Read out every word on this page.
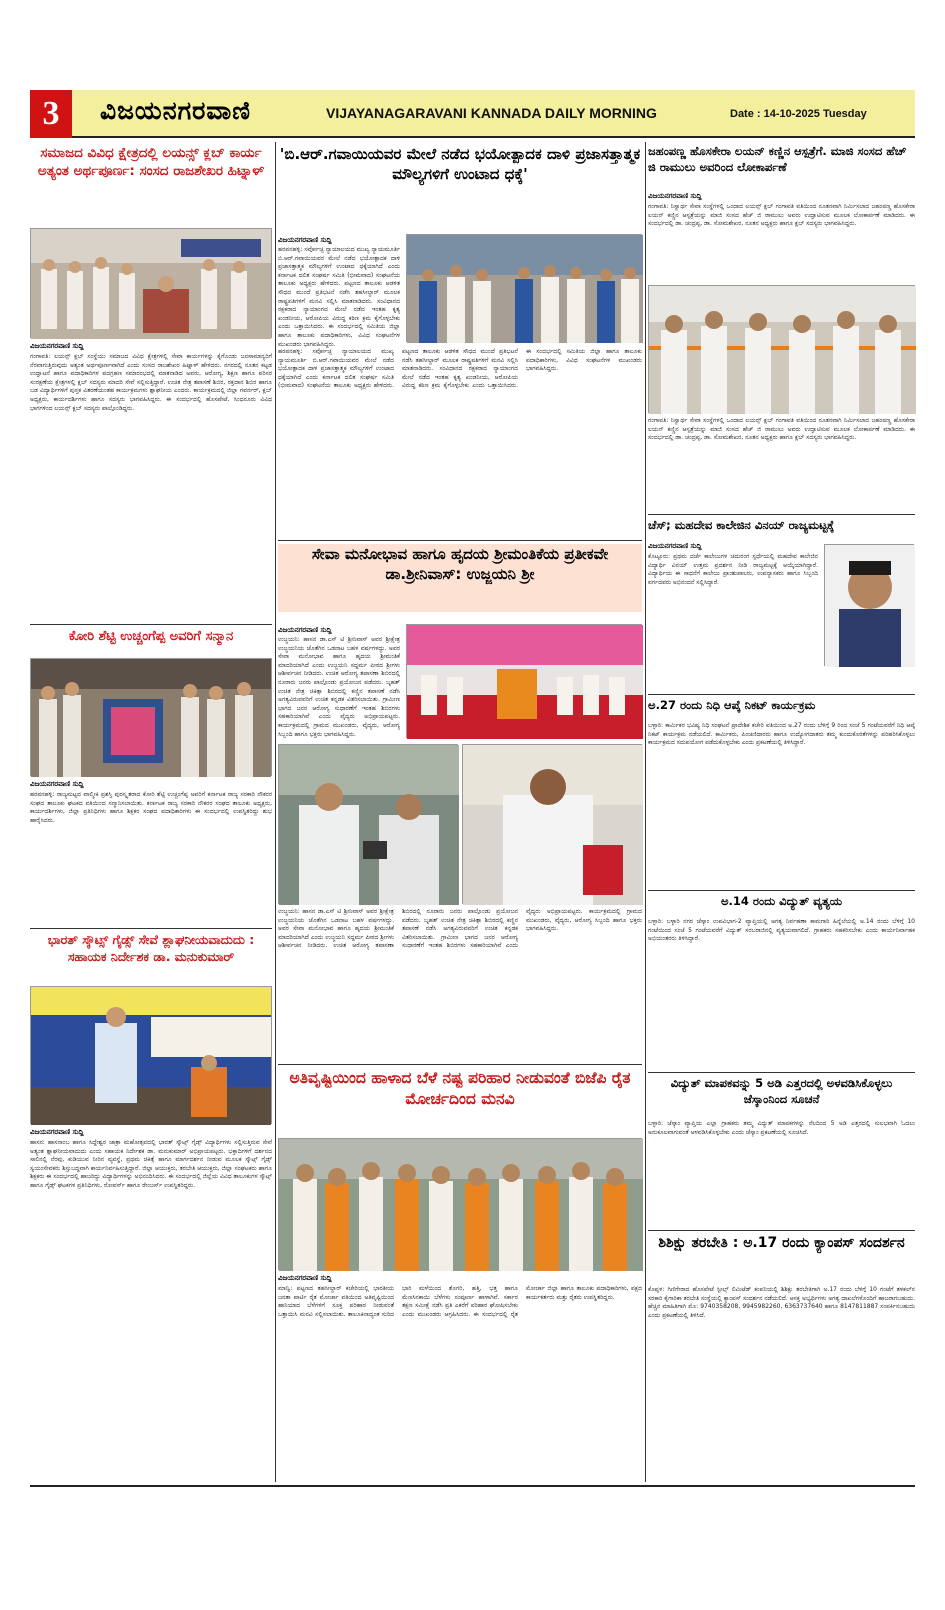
3	ವಿಜಯನಗರವಾಣಿ	VIJAYANAGARAVANI KANNADA DAILY MORNING	Date : 14-10-2025 Tuesday
ಸಮಾಜದ ವಿವಿಧ ಕ್ಷೇತ್ರದಲ್ಲಿ ಲಯನ್ಸ್ ಕ್ಲಬ್ ಕಾರ್ಯ ಅತ್ಯಂತ ಅರ್ಥಪೂರ್ಣ: ಸಂಸದ ರಾಜಶೇಖರ ಹಿಟ್ನಾಳ್
ವಿಜಯನಗರವಾಣಿ ಸುದ್ದಿ
ಗಂಗಾವತಿ: ಲಯನ್ಸ್ ಕ್ಲಬ್ ಸಂಸ್ಥೆಯು ಸಮಾಜದ ವಿವಿಧ ಕ್ಷೇತ್ರಗಳಲ್ಲಿ ಸೇವಾ ಕಾರ್ಯಗಳನ್ನು ಕೈಗೊಂಡು ಜನಸಾಮಾನ್ಯರಿಗೆ ನೆರವಾಗುತ್ತಿರುವುದು ಅತ್ಯಂತ ಅರ್ಥಪೂರ್ಣವಾಗಿದೆ ಎಂದು ಸಂಸದ ರಾಜಶೇಖರ ಹಿಟ್ನಾಳ್ ಹೇಳಿದರು. ನಗರದಲ್ಲಿ ನೂತನ ಕಟ್ಟಡ ಉದ್ಘಾಟನೆ ಹಾಗೂ ಪದಾಧಿಕಾರಿಗಳ ಪದಗ್ರಹಣ ಸಮಾರಂಭದಲ್ಲಿ ಮಾತನಾಡಿದ ಅವರು, ಆರೋಗ್ಯ, ಶಿಕ್ಷಣ ಹಾಗೂ ಪರಿಸರ ಸಂರಕ್ಷಣೆಯ ಕ್ಷೇತ್ರಗಳಲ್ಲಿ ಕ್ಲಬ್ ಸದಸ್ಯರು ಮಾದರಿ ಸೇವೆ ಸಲ್ಲಿಸುತ್ತಿದ್ದಾರೆ. ಉಚಿತ ನೇತ್ರ ತಪಾಸಣೆ ಶಿಬಿರ, ರಕ್ತದಾನ ಶಿಬಿರ ಹಾಗೂ ಬಡ ವಿದ್ಯಾರ್ಥಿಗಳಿಗೆ ಪುಸ್ತಕ ವಿತರಣೆಯಂತಹ ಕಾರ್ಯಕ್ರಮಗಳು ಶ್ಲಾಘನೀಯ ಎಂದರು. ಕಾರ್ಯಕ್ರಮದಲ್ಲಿ ಜಿಲ್ಲಾ ಗವರ್ನರ್, ಕ್ಲಬ್ ಅಧ್ಯಕ್ಷರು, ಕಾರ್ಯದರ್ಶಿಗಳು ಹಾಗೂ ಸದಸ್ಯರು ಭಾಗವಹಿಸಿದ್ದರು. ಈ ಸಂದರ್ಭದಲ್ಲಿ ಹೊಸಪೇಟೆ, ಸಿಂಧನೂರು ವಿವಿಧ ಭಾಗಗಳಿಂದ ಲಯನ್ಸ್ ಕ್ಲಬ್ ಸದಸ್ಯರು ಪಾಲ್ಗೊಂಡಿದ್ದರು.
ಕೋರಿ ಶೆಟ್ಟಿ ಉಚ್ಚಂಗೆಪ್ಪ ಅವರಿಗೆ ಸನ್ಮಾನ
ವಿಜಯನಗರವಾಣಿ ಸುದ್ದಿ
ಹರಪನಹಳ್ಳಿ: ರಾಜ್ಯಮಟ್ಟದ ವಾಲ್ಮೀಕಿ ಪ್ರಶಸ್ತಿ ಪುರಸ್ಕೃತರಾದ ಕೋರಿ ಶೆಟ್ಟಿ ಉಚ್ಚಂಗೆಪ್ಪ ಅವರಿಗೆ ಕರ್ನಾಟಕ ರಾಜ್ಯ ಸರಕಾರಿ ನೌಕರರ ಸಂಘದ ತಾಲೂಕು ಘಟಕದ ವತಿಯಿಂದ ಸನ್ಮಾನಿಸಲಾಯಿತು. ಕರ್ನಾಟಕ ರಾಜ್ಯ ಸರಕಾರಿ ನೌಕರರ ಸಂಘದ ತಾಲೂಕು ಅಧ್ಯಕ್ಷರು, ಕಾರ್ಯದರ್ಶಿಗಳು, ಜಿಲ್ಲಾ ಪ್ರತಿನಿಧಿಗಳು ಹಾಗೂ ಶಿಕ್ಷಕರ ಸಂಘದ ಪದಾಧಿಕಾರಿಗಳು ಈ ಸಂದರ್ಭದಲ್ಲಿ ಉಪಸ್ಥಿತರಿದ್ದು ಶುಭ ಹಾರೈಸಿದರು.
ಭಾರತ್ ಸ್ಕೌಟ್ಸ್ ಗೈಡ್ಸ್ ಸೇವೆ ಶ್ಲಾಘನೀಯವಾದುದು : ಸಹಾಯಕ ನಿರ್ದೇಶಕ ಡಾ. ಮನುಕುಮಾರ್
ವಿಜಯನಗರವಾಣಿ ಸುದ್ದಿ
ಹಾಸನ: ಹಾಸನಾಂಬ ಹಾಗೂ ಸಿದ್ದೇಶ್ವರ ಜಾತ್ರಾ ಮಹೋತ್ಸವದಲ್ಲಿ ಭಾರತ್ ಸ್ಕೌಟ್ಸ್ ಗೈಡ್ಸ್ ವಿದ್ಯಾರ್ಥಿಗಳು ಸಲ್ಲಿಸುತ್ತಿರುವ ಸೇವೆ ಅತ್ಯಂತ ಶ್ಲಾಘನೀಯವಾದುದು ಎಂದು ಸಹಾಯಕ ನಿರ್ದೇಶಕ ಡಾ. ಮನುಕುಮಾರ್ ಅಭಿಪ್ರಾಯಪಟ್ಟರು. ಭಕ್ತಾದಿಗಳಿಗೆ ದರ್ಶನದ ಸಾಲಿನಲ್ಲಿ ನೆರವು, ಕುಡಿಯುವ ನೀರಿನ ವ್ಯವಸ್ಥೆ, ಪ್ರಥಮ ಚಿಕಿತ್ಸೆ ಹಾಗೂ ಮಾರ್ಗದರ್ಶನ ನೀಡುವ ಮೂಲಕ ಸ್ಕೌಟ್ಸ್ ಗೈಡ್ಸ್ ಸ್ವಯಂಸೇವಕರು ಶಿಸ್ತುಬದ್ಧವಾಗಿ ಕಾರ್ಯನಿರ್ವಹಿಸುತ್ತಿದ್ದಾರೆ. ಜಿಲ್ಲಾ ಆಯುಕ್ತರು, ತರಬೇತಿ ಆಯುಕ್ತರು, ಜಿಲ್ಲಾ ಸಂಘಟಕರು ಹಾಗೂ ಶಿಕ್ಷಕರು ಈ ಸಂದರ್ಭದಲ್ಲಿ ಹಾಜರಿದ್ದು ವಿದ್ಯಾರ್ಥಿಗಳನ್ನು ಅಭಿನಂದಿಸಿದರು. ಈ ಸಂದರ್ಭದಲ್ಲಿ ಜಿಲ್ಲೆಯ ವಿವಿಧ ತಾಲೂಕುಗಳ ಸ್ಕೌಟ್ಸ್ ಹಾಗೂ ಗೈಡ್ಸ್ ಘಟಕಗಳ ಪ್ರತಿನಿಧಿಗಳು, ರೋವರ್ಸ್ ಹಾಗೂ ರೇಂಜರ್ಸ್ ಉಪಸ್ಥಿತರಿದ್ದರು.
'ಬಿ.ಆರ್.ಗವಾಯಿಯವರ ಮೇಲೆ ನಡೆದ ಭಯೋತ್ಪಾದಕ ದಾಳಿ ಪ್ರಜಾಸತ್ತಾತ್ಮಕ ಮೌಲ್ಯಗಳಿಗೆ ಉಂಟಾದ ಧಕ್ಕೆ'
ವಿಜಯನಗರವಾಣಿ ಸುದ್ದಿ
ಹರಪನಹಳ್ಳಿ: ಸರ್ವೋಚ್ಛ ನ್ಯಾಯಾಲಯದ ಮುಖ್ಯ ನ್ಯಾಯಮೂರ್ತಿ ಬಿ.ಆರ್.ಗವಾಯಿಯವರ ಮೇಲೆ ನಡೆದ ಭಯೋತ್ಪಾದಕ ದಾಳಿ ಪ್ರಜಾಸತ್ತಾತ್ಮಕ ಮೌಲ್ಯಗಳಿಗೆ ಉಂಟಾದ ಧಕ್ಕೆಯಾಗಿದೆ ಎಂದು ಕರ್ನಾಟಕ ದಲಿತ ಸಂಘರ್ಷ ಸಮಿತಿ (ಭೀಮವಾದ) ಸಂಘಟನೆಯ ತಾಲೂಕು ಅಧ್ಯಕ್ಷರು ಹೇಳಿದರು. ಪಟ್ಟಣದ ತಾಲೂಕು ಆಡಳಿತ ಸೌಧದ ಮುಂದೆ ಪ್ರತಿಭಟನೆ ನಡೆಸಿ ತಹಸೀಲ್ದಾರ್ ಮೂಲಕ ರಾಷ್ಟ್ರಪತಿಗಳಿಗೆ ಮನವಿ ಸಲ್ಲಿಸಿ ಮಾತನಾಡಿದರು. ಸಂವಿಧಾನದ ರಕ್ಷಕರಾದ ನ್ಯಾಯಾಂಗದ ಮೇಲೆ ನಡೆದ ಇಂತಹ ಕೃತ್ಯ ಖಂಡನೀಯ, ಆರೋಪಿಯ ವಿರುದ್ಧ ಕಠಿಣ ಕ್ರಮ ಕೈಗೊಳ್ಳಬೇಕು ಎಂದು ಒತ್ತಾಯಿಸಿದರು. ಈ ಸಂದರ್ಭದಲ್ಲಿ ಸಮಿತಿಯ ಜಿಲ್ಲಾ ಹಾಗೂ ತಾಲೂಕು ಪದಾಧಿಕಾರಿಗಳು, ವಿವಿಧ ಸಂಘಟನೆಗಳ ಮುಖಂಡರು ಭಾಗವಹಿಸಿದ್ದರು.
ಹರಪನಹಳ್ಳಿ: ಸರ್ವೋಚ್ಛ ನ್ಯಾಯಾಲಯದ ಮುಖ್ಯ ನ್ಯಾಯಮೂರ್ತಿ ಬಿ.ಆರ್.ಗವಾಯಿಯವರ ಮೇಲೆ ನಡೆದ ಭಯೋತ್ಪಾದಕ ದಾಳಿ ಪ್ರಜಾಸತ್ತಾತ್ಮಕ ಮೌಲ್ಯಗಳಿಗೆ ಉಂಟಾದ ಧಕ್ಕೆಯಾಗಿದೆ ಎಂದು ಕರ್ನಾಟಕ ದಲಿತ ಸಂಘರ್ಷ ಸಮಿತಿ (ಭೀಮವಾದ) ಸಂಘಟನೆಯ ತಾಲೂಕು ಅಧ್ಯಕ್ಷರು ಹೇಳಿದರು. ಪಟ್ಟಣದ ತಾಲೂಕು ಆಡಳಿತ ಸೌಧದ ಮುಂದೆ ಪ್ರತಿಭಟನೆ ನಡೆಸಿ ತಹಸೀಲ್ದಾರ್ ಮೂಲಕ ರಾಷ್ಟ್ರಪತಿಗಳಿಗೆ ಮನವಿ ಸಲ್ಲಿಸಿ ಮಾತನಾಡಿದರು. ಸಂವಿಧಾನದ ರಕ್ಷಕರಾದ ನ್ಯಾಯಾಂಗದ ಮೇಲೆ ನಡೆದ ಇಂತಹ ಕೃತ್ಯ ಖಂಡನೀಯ, ಆರೋಪಿಯ ವಿರುದ್ಧ ಕಠಿಣ ಕ್ರಮ ಕೈಗೊಳ್ಳಬೇಕು ಎಂದು ಒತ್ತಾಯಿಸಿದರು. ಈ ಸಂದರ್ಭದಲ್ಲಿ ಸಮಿತಿಯ ಜಿಲ್ಲಾ ಹಾಗೂ ತಾಲೂಕು ಪದಾಧಿಕಾರಿಗಳು, ವಿವಿಧ ಸಂಘಟನೆಗಳ ಮುಖಂಡರು ಭಾಗವಹಿಸಿದ್ದರು.
ಸೇವಾ ಮನೋಭಾವ ಹಾಗೂ ಹೃದಯ ಶ್ರೀಮಂತಿಕೆಯ ಪ್ರತೀಕವೇ ಡಾ.ಶ್ರೀನಿವಾಸ್: ಉಜ್ಜಯನಿ ಶ್ರೀ
ವಿಜಯನಗರವಾಣಿ ಸುದ್ದಿ
ಉಜ್ಜಯನಿ: ಹಾಸನ ಡಾ.ಎಸ್ ಟಿ ಶ್ರೀನಿವಾಸ್ ಅವರ ಶ್ರೀಕ್ಷೇತ್ರ ಉಜ್ಜಯನಿಯ ಜೊತೆಗಿನ ಒಡನಾಟ ಬಹಳ ವರ್ಷಗಳದ್ದು. ಅವರ ಸೇವಾ ಮನೋಭಾವ ಹಾಗೂ ಹೃದಯ ಶ್ರೀಮಂತಿಕೆ ಮಾದರಿಯಾಗಿದೆ ಎಂದು ಉಜ್ಜಯನಿ ಸದ್ಧರ್ಮ ಪೀಠದ ಶ್ರೀಗಳು ಆಶೀರ್ವಚನ ನೀಡಿದರು. ಉಚಿತ ಆರೋಗ್ಯ ತಪಾಸಣಾ ಶಿಬಿರದಲ್ಲಿ ನೂರಾರು ಜನರು ಪಾಲ್ಗೊಂಡು ಪ್ರಯೋಜನ ಪಡೆದರು. ಬೃಹತ್ ಉಚಿತ ನೇತ್ರ ಚಿಕಿತ್ಸಾ ಶಿಬಿರದಲ್ಲಿ ಕಣ್ಣಿನ ತಪಾಸಣೆ ನಡೆಸಿ ಅಗತ್ಯವಿರುವವರಿಗೆ ಉಚಿತ ಕನ್ನಡಕ ವಿತರಿಸಲಾಯಿತು. ಗ್ರಾಮೀಣ ಭಾಗದ ಜನರ ಆರೋಗ್ಯ ಸುಧಾರಣೆಗೆ ಇಂತಹ ಶಿಬಿರಗಳು ಸಹಕಾರಿಯಾಗಿವೆ ಎಂದು ವೈದ್ಯರು ಅಭಿಪ್ರಾಯಪಟ್ಟರು. ಕಾರ್ಯಕ್ರಮದಲ್ಲಿ ಗ್ರಾಮದ ಮುಖಂಡರು, ವೈದ್ಯರು, ಆರೋಗ್ಯ ಸಿಬ್ಬಂದಿ ಹಾಗೂ ಭಕ್ತರು ಭಾಗವಹಿಸಿದ್ದರು.
ಉಜ್ಜಯನಿ: ಹಾಸನ ಡಾ.ಎಸ್ ಟಿ ಶ್ರೀನಿವಾಸ್ ಅವರ ಶ್ರೀಕ್ಷೇತ್ರ ಉಜ್ಜಯನಿಯ ಜೊತೆಗಿನ ಒಡನಾಟ ಬಹಳ ವರ್ಷಗಳದ್ದು. ಅವರ ಸೇವಾ ಮನೋಭಾವ ಹಾಗೂ ಹೃದಯ ಶ್ರೀಮಂತಿಕೆ ಮಾದರಿಯಾಗಿದೆ ಎಂದು ಉಜ್ಜಯನಿ ಸದ್ಧರ್ಮ ಪೀಠದ ಶ್ರೀಗಳು ಆಶೀರ್ವಚನ ನೀಡಿದರು. ಉಚಿತ ಆರೋಗ್ಯ ತಪಾಸಣಾ ಶಿಬಿರದಲ್ಲಿ ನೂರಾರು ಜನರು ಪಾಲ್ಗೊಂಡು ಪ್ರಯೋಜನ ಪಡೆದರು. ಬೃಹತ್ ಉಚಿತ ನೇತ್ರ ಚಿಕಿತ್ಸಾ ಶಿಬಿರದಲ್ಲಿ ಕಣ್ಣಿನ ತಪಾಸಣೆ ನಡೆಸಿ ಅಗತ್ಯವಿರುವವರಿಗೆ ಉಚಿತ ಕನ್ನಡಕ ವಿತರಿಸಲಾಯಿತು. ಗ್ರಾಮೀಣ ಭಾಗದ ಜನರ ಆರೋಗ್ಯ ಸುಧಾರಣೆಗೆ ಇಂತಹ ಶಿಬಿರಗಳು ಸಹಕಾರಿಯಾಗಿವೆ ಎಂದು ವೈದ್ಯರು ಅಭಿಪ್ರಾಯಪಟ್ಟರು. ಕಾರ್ಯಕ್ರಮದಲ್ಲಿ ಗ್ರಾಮದ ಮುಖಂಡರು, ವೈದ್ಯರು, ಆರೋಗ್ಯ ಸಿಬ್ಬಂದಿ ಹಾಗೂ ಭಕ್ತರು ಭಾಗವಹಿಸಿದ್ದರು.
ಅತಿವೃಷ್ಟಿಯಿಂದ ಹಾಳಾದ ಬೆಳೆ ನಷ್ಟ ಪರಿಹಾರ ನೀಡುವಂತೆ ಬಿಜೆಪಿ ರೈತ ಮೋರ್ಚದಿಂದ ಮನವಿ
ವಿಜಯನಗರವಾಣಿ ಸುದ್ದಿ
ಮಾನ್ವಿ: ಪಟ್ಟಣದ ತಹಸೀಲ್ದಾರ್ ಕಚೇರಿಯಲ್ಲಿ ಭಾರತೀಯ ಜನತಾ ಪಾರ್ಟಿ ರೈತ ಮೋರ್ಚಾ ವತಿಯಿಂದ ಅತಿವೃಷ್ಟಿಯಿಂದ ಹಾನಿಯಾದ ಬೆಳೆಗಳಿಗೆ ಸೂಕ್ತ ಪರಿಹಾರ ನೀಡುವಂತೆ ಒತ್ತಾಯಿಸಿ ಮನವಿ ಸಲ್ಲಿಸಲಾಯಿತು. ತಾಲೂಕಿನಾದ್ಯಂತ ಸುರಿದ ಭಾರಿ ಮಳೆಯಿಂದ ತೊಗರಿ, ಹತ್ತಿ, ಭತ್ತ ಹಾಗೂ ಮೆಣಸಿನಕಾಯಿ ಬೆಳೆಗಳು ಸಂಪೂರ್ಣ ಹಾಳಾಗಿವೆ. ಸರ್ಕಾರ ತಕ್ಷಣ ಸಮೀಕ್ಷೆ ನಡೆಸಿ ಪ್ರತಿ ಎಕರೆಗೆ ಪರಿಹಾರ ಘೋಷಿಸಬೇಕು ಎಂದು ಮುಖಂಡರು ಆಗ್ರಹಿಸಿದರು. ಈ ಸಂದರ್ಭದಲ್ಲಿ ರೈತ ಮೋರ್ಚಾ ಜಿಲ್ಲಾ ಹಾಗೂ ತಾಲೂಕು ಪದಾಧಿಕಾರಿಗಳು, ಪಕ್ಷದ ಕಾರ್ಯಕರ್ತರು ಮತ್ತು ರೈತರು ಉಪಸ್ಥಿತರಿದ್ದರು.
ಜಹಂಪಣ್ಣ ಹೊಸಕೇರಾ ಲಯನ್ ಕಣ್ಣಿನ ಆಸ್ಪತ್ರೆಗೆ. ಮಾಜಿ ಸಂಸದ ಹೆಚ್ ಜಿ ರಾಮುಲು ಅವರಿಂದ ಲೋಕಾರ್ಪಣೆ
ವಿಜಯನಗರವಾಣಿ ಸುದ್ದಿ
ಗಂಗಾವತಿ: ನಿಸ್ವಾರ್ಥ ಸೇವಾ ಸಂಸ್ಥೆಗಳಲ್ಲಿ ಒಂದಾದ ಲಯನ್ಸ್ ಕ್ಲಬ್ ಗಂಗಾವತಿ ವತಿಯಿಂದ ನೂತನವಾಗಿ ನಿರ್ಮಿಸಲಾದ ಜಹಂಪಣ್ಣ ಹೊಸಕೇರಾ ಲಯನ್ ಕಣ್ಣಿನ ಆಸ್ಪತ್ರೆಯನ್ನು ಮಾಜಿ ಸಂಸದ ಹೆಚ್ ಜಿ ರಾಮುಲು ಅವರು ಉದ್ಘಾಟಿಸುವ ಮೂಲಕ ಲೋಕಾರ್ಪಣೆ ಮಾಡಿದರು. ಈ ಸಂದರ್ಭದಲ್ಲಿ ಡಾ. ಚಂದ್ರಪ್ಪ, ಡಾ. ಸೋಮಶೇಖರ, ನೂತನ ಅಧ್ಯಕ್ಷರು ಹಾಗೂ ಕ್ಲಬ್ ಸದಸ್ಯರು ಭಾಗವಹಿಸಿದ್ದರು.
ಗಂಗಾವತಿ: ನಿಸ್ವಾರ್ಥ ಸೇವಾ ಸಂಸ್ಥೆಗಳಲ್ಲಿ ಒಂದಾದ ಲಯನ್ಸ್ ಕ್ಲಬ್ ಗಂಗಾವತಿ ವತಿಯಿಂದ ನೂತನವಾಗಿ ನಿರ್ಮಿಸಲಾದ ಜಹಂಪಣ್ಣ ಹೊಸಕೇರಾ ಲಯನ್ ಕಣ್ಣಿನ ಆಸ್ಪತ್ರೆಯನ್ನು ಮಾಜಿ ಸಂಸದ ಹೆಚ್ ಜಿ ರಾಮುಲು ಅವರು ಉದ್ಘಾಟಿಸುವ ಮೂಲಕ ಲೋಕಾರ್ಪಣೆ ಮಾಡಿದರು. ಈ ಸಂದರ್ಭದಲ್ಲಿ ಡಾ. ಚಂದ್ರಪ್ಪ, ಡಾ. ಸೋಮಶೇಖರ, ನೂತನ ಅಧ್ಯಕ್ಷರು ಹಾಗೂ ಕ್ಲಬ್ ಸದಸ್ಯರು ಭಾಗವಹಿಸಿದ್ದರು.
ಚೆಸ್; ಮಹದೇವ ಕಾಲೇಜಿನ ವಿನಯ್ ರಾಜ್ಯಮಟ್ಟಕ್ಕೆ
ವಿಜಯನಗರವಾಣಿ ಸುದ್ದಿ
ಕೊಟ್ಟೂರು: ಪ್ರಥಮ ದರ್ಜೆ ಕಾಲೇಜುಗಳ ಚದುರಂಗ ಸ್ಪರ್ಧೆಯಲ್ಲಿ ಮಹದೇವ ಕಾಲೇಜಿನ ವಿದ್ಯಾರ್ಥಿ ವಿನಯ್ ಉತ್ತಮ ಪ್ರದರ್ಶನ ನೀಡಿ ರಾಜ್ಯಮಟ್ಟಕ್ಕೆ ಆಯ್ಕೆಯಾಗಿದ್ದಾರೆ. ವಿದ್ಯಾರ್ಥಿಯ ಈ ಸಾಧನೆಗೆ ಕಾಲೇಜು ಪ್ರಾಂಶುಪಾಲರು, ಉಪನ್ಯಾಸಕರು ಹಾಗೂ ಸಿಬ್ಬಂದಿ ವರ್ಗದವರು ಅಭಿನಂದನೆ ಸಲ್ಲಿಸಿದ್ದಾರೆ.
ಅ.27 ರಂದು ನಿಧಿ ಆಪ್ಕೆ ನಿಕಟ್ ಕಾರ್ಯಕ್ರಮ
ಬಳ್ಳಾರಿ: ಕಾರ್ಮಿಕರ ಭವಿಷ್ಯ ನಿಧಿ ಸಂಘಟನೆ ಪ್ರಾದೇಶಿಕ ಕಚೇರಿ ವತಿಯಿಂದ ಅ.27 ರಂದು ಬೆಳಿಗ್ಗೆ 9 ರಿಂದ ಸಂಜೆ 5 ಗಂಟೆಯವರೆಗೆ ನಿಧಿ ಆಪ್ಕೆ ನಿಕಟ್ ಕಾರ್ಯಕ್ರಮ ನಡೆಯಲಿದೆ. ಕಾರ್ಮಿಕರು, ಪಿಂಚಣಿದಾರರು ಹಾಗೂ ಉದ್ಯೋಗದಾತರು ತಮ್ಮ ಕುಂದುಕೊರತೆಗಳನ್ನು ಪರಿಹರಿಸಿಕೊಳ್ಳಲು ಕಾರ್ಯಕ್ರಮದ ಸದುಪಯೋಗ ಪಡೆದುಕೊಳ್ಳಬೇಕು ಎಂದು ಪ್ರಕಟಣೆಯಲ್ಲಿ ತಿಳಿಸಿದ್ದಾರೆ.
ಅ.14 ರಂದು ವಿದ್ಯುತ್ ವ್ಯತ್ಯಯ
ಬಳ್ಳಾರಿ: ಬಳ್ಳಾರಿ ನಗರ ಜೆಸ್ಕಾಂ ಉಪವಿಭಾಗ-2 ವ್ಯಾಪ್ತಿಯಲ್ಲಿ ಅಗತ್ಯ ನಿರ್ವಹಣಾ ಕಾಮಗಾರಿ ಹಿನ್ನೆಲೆಯಲ್ಲಿ ಅ.14 ರಂದು ಬೆಳಿಗ್ಗೆ 10 ಗಂಟೆಯಿಂದ ಸಂಜೆ 5 ಗಂಟೆಯವರೆಗೆ ವಿದ್ಯುತ್ ಸರಬರಾಜಿನಲ್ಲಿ ವ್ಯತ್ಯಯವಾಗಲಿದೆ. ಗ್ರಾಹಕರು ಸಹಕರಿಸಬೇಕು ಎಂದು ಕಾರ್ಯನಿರ್ವಾಹಕ ಅಭಿಯಂತರರು ತಿಳಿಸಿದ್ದಾರೆ.
ವಿದ್ಯುತ್ ಮಾಪಕವನ್ನು 5 ಅಡಿ ಎತ್ತರದಲ್ಲಿ ಅಳವಡಿಸಿಕೊಳ್ಳಲು ಜೆಸ್ಕಾಂನಿಂದ ಸೂಚನೆ
ಬಳ್ಳಾರಿ: ಜೆಸ್ಕಾಂ ವ್ಯಾಪ್ತಿಯ ಎಲ್ಲಾ ಗ್ರಾಹಕರು ತಮ್ಮ ವಿದ್ಯುತ್ ಮಾಪಕಗಳನ್ನು ನೆಲದಿಂದ 5 ಅಡಿ ಎತ್ತರದಲ್ಲಿ ಸುಲಭವಾಗಿ ಓದಲು ಅನುಕೂಲವಾಗುವಂತೆ ಅಳವಡಿಸಿಕೊಳ್ಳಬೇಕು ಎಂದು ಜೆಸ್ಕಾಂ ಪ್ರಕಟಣೆಯಲ್ಲಿ ಸೂಚಿಸಿದೆ.
ಶಿಶಿಕ್ಷು ತರಬೇತಿ : ಅ.17 ರಂದು ಕ್ಯಾಂಪಸ್ ಸಂದರ್ಶನ
ಕೊಪ್ಪಳ: ಗಿಣಿಗೇರಾದ ಹೊಸಪೇಟೆ ಸ್ಟೀಲ್ಸ್ ಲಿಮಿಟೆಡ್ ಕಂಪನಿಯಲ್ಲಿ ಶಿಶಿಕ್ಷು ತರಬೇತಿಗಾಗಿ ಅ.17 ರಂದು ಬೆಳಿಗ್ಗೆ 10 ಗಂಟೆಗೆ ತಳಕಲ್‌ನ ಸರಕಾರಿ ಕೈಗಾರಿಕಾ ತರಬೇತಿ ಸಂಸ್ಥೆಯಲ್ಲಿ ಕ್ಯಾಂಪಸ್ ಸಂದರ್ಶನ ನಡೆಯಲಿದೆ. ಆಸಕ್ತ ಅಭ್ಯರ್ಥಿಗಳು ಅಗತ್ಯ ದಾಖಲೆಗಳೊಂದಿಗೆ ಹಾಜರಾಗಬಹುದು. ಹೆಚ್ಚಿನ ಮಾಹಿತಿಗಾಗಿ ಮೊ: 9740358208, 9945982260, 6363737640 ಹಾಗೂ 8147811887 ಸಂಪರ್ಕಿಸಬಹುದು ಎಂದು ಪ್ರಕಟಣೆಯಲ್ಲಿ ತಿಳಿಸಿದೆ.
